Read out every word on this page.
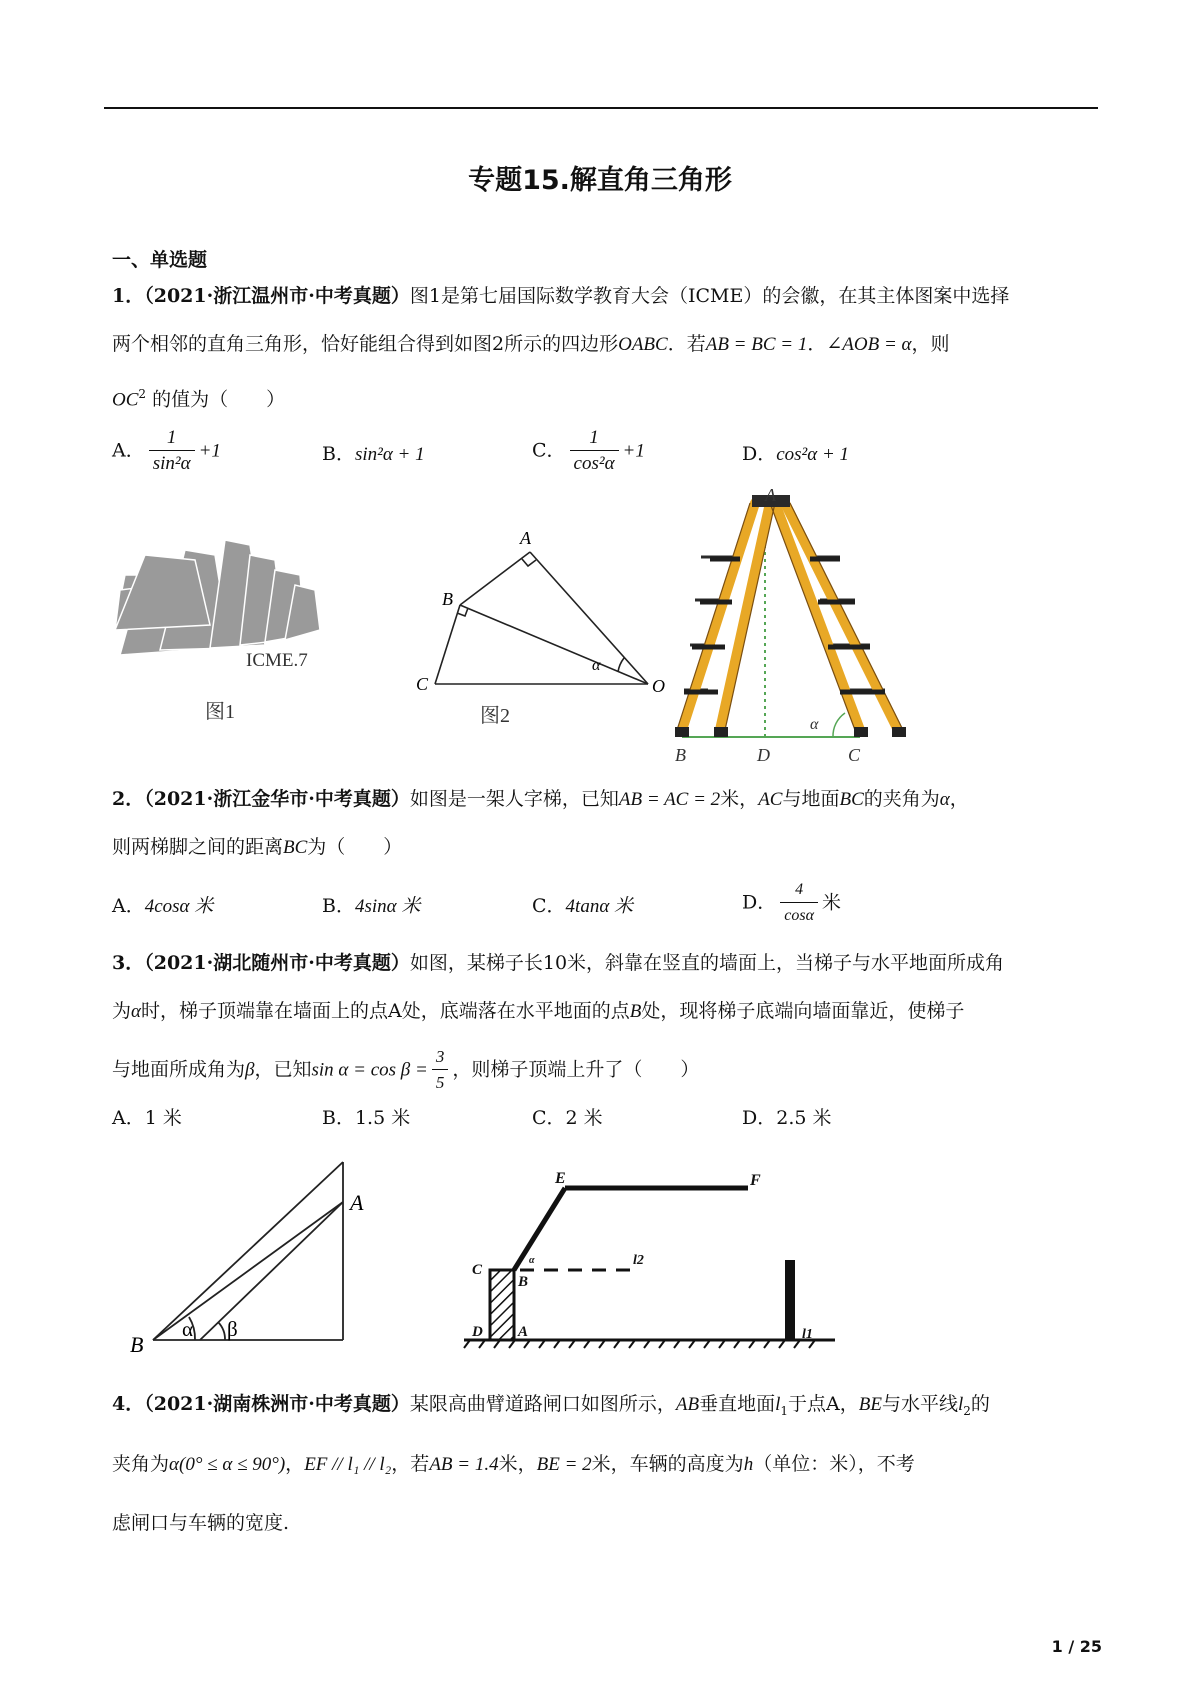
专题15.解直角三角形
一、单选题
1．（2021·浙江温州市·中考真题）图1是第七届国际数学教育大会（ICME）的会徽，在其主体图案中选择
两个相邻的直角三角形，恰好能组合得到如图2所示的四边形OABC．若AB = BC = 1．∠AOB = α，则
$OC^2$ 的值为（　　）
A． $\frac{1}{\text{sin²α}} +1$	B．sin²α + 1	C． $\frac{1}{\text{cos²α}} +1$	D．cos²α + 1
ICME.7
图1
A
B
C	O
α
图2
A
B	D	C
α
2．（2021·浙江金华市·中考真题）如图是一架人字梯，已知AB = AC = 2米，AC与地面BC的夹角为α，
则两梯脚之间的距离BC为（　　）
A．4cosα 米	B．4sinα 米	C．4tanα 米	D． $\frac{4}{\cos\alpha}$ 米
3．（2021·湖北随州市·中考真题）如图，某梯子长10米，斜靠在竖直的墙面上，当梯子与水平地面所成角
为α时，梯子顶端靠在墙面上的点A处，底端落在水平地面的点B处，现将梯子底端向墙面靠近，使梯子
与地面所成角为β，已知$\sin \alpha = \cos \beta = \frac{3}{5}$ ，则梯子顶端上升了（　　）
A．1 米	B．1.5 米	C．2 米	D．2.5 米
A
B
α β
E	F
C
B
D A
l2
l1
α
4．（2021·湖南株洲市·中考真题）某限高曲臂道路闸口如图所示，AB垂直地面$l_1$于点A，BE与水平线$l_2$的
夹角为α(0° ≤ α ≤ 90°)，EF // l₁ // l₂，若AB = 1.4米，BE = 2米，车辆的高度为h（单位：米），不考
虑闸口与车辆的宽度.
1 / 25
